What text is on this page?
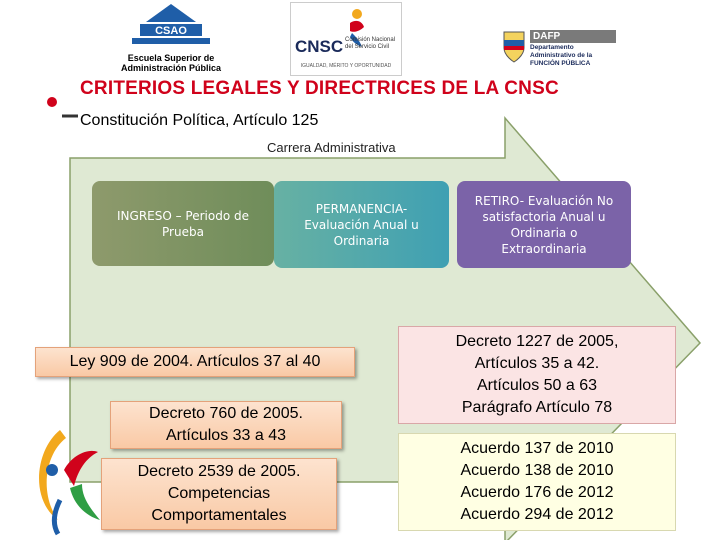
CSAO
Escuela Superior de
Administración Pública
CNSC Comisión Nacional del Servicio Civil
IGUALDAD, MÉRITO Y OPORTUNIDAD
DAFP
Departamento Administrativo de la FUNCIÓN PÚBLICA
CRITERIOS LEGALES Y DIRECTRICES DE LA CNSC
Constitución Política, Artículo 125
Carrera Administrativa
INGRESO – Periodo de Prueba
PERMANENCIA-Evaluación Anual u Ordinaria
RETIRO- Evaluación No satisfactoria Anual u Ordinaria o Extraordinaria
Ley 909 de 2004. Artículos 37 al 40
Decreto 760 de 2005.
Artículos 33 a 43
Decreto 2539 de 2005.
Competencias
Comportamentales
Decreto 1227 de 2005,
Artículos 35 a 42.
Artículos 50 a 63
Parágrafo Artículo 78
Acuerdo 137 de 2010
Acuerdo 138 de 2010
Acuerdo 176 de 2012
Acuerdo 294 de 2012
